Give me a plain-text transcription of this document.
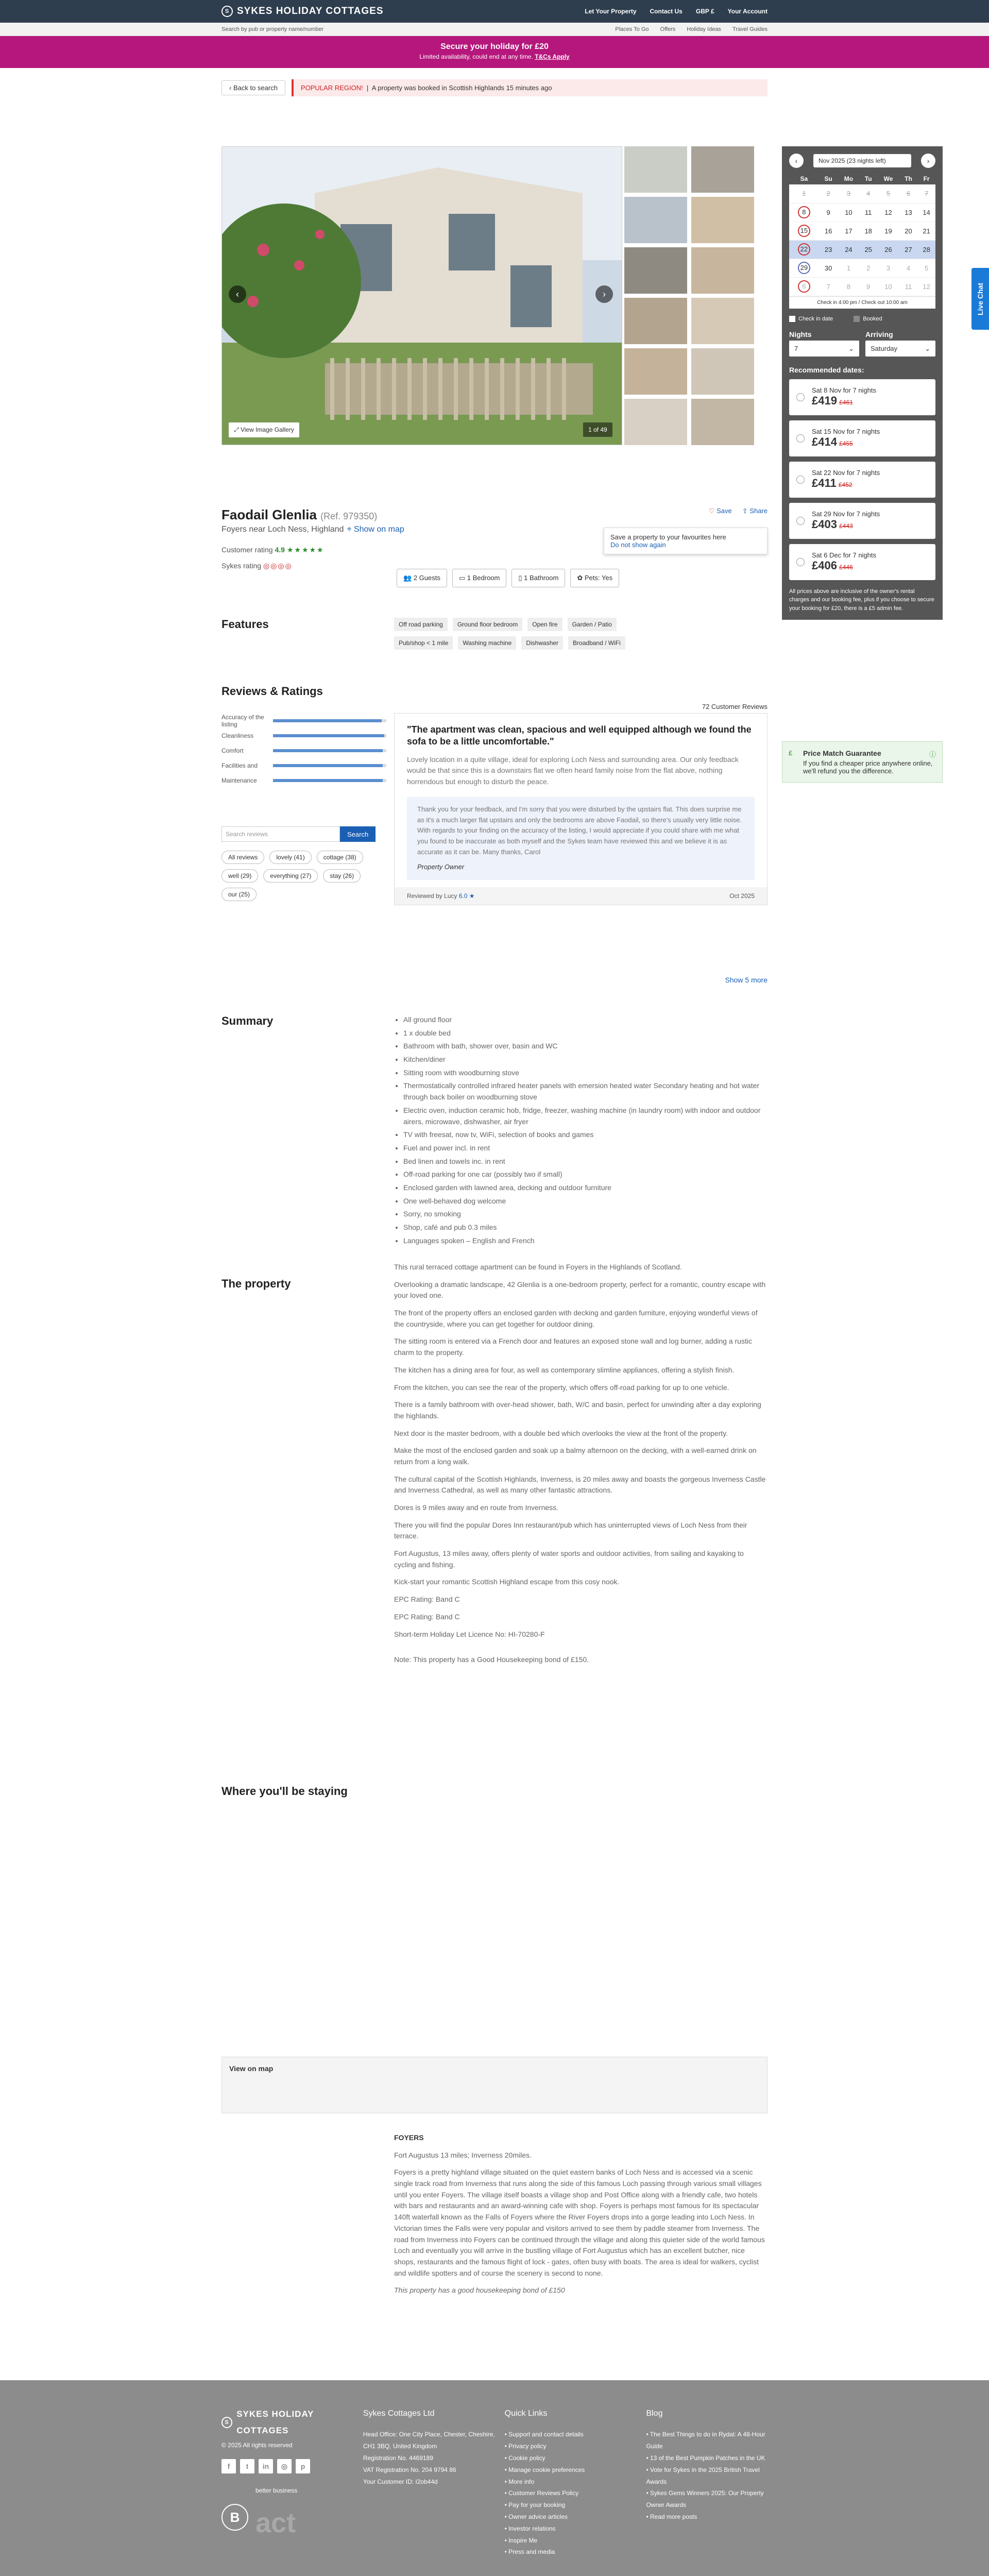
S SYKES HOLIDAY COTTAGES	Let Your Property Contact Us GBP £ Your Account
Search by pub or property name/number	Places To Go Offers Holiday Ideas Travel Guides
Secure your holiday for £20
Limited availability, could end at any time. T&Cs Apply
‹ Back to search	POPULAR REGION!  |  A property was booked in Scottish Highlands 15 minutes ago
‹	›
⤢ View Image Gallery	1 of 49
‹	Nov 2025 (23 nights left)	›
Sa	Su	Mo	Tu	We	Th	Fr
1	2	3	4	5	6	7
8	9	10	11	12	13	14
15	16	17	18	19	20	21
22	23	24	25	26	27	28
29	30	1	2	3	4	5
6	7	8	9	10	11	12
Check in 4:00 pm / Check out 10:00 am
Check in date	Booked
Nights
7	⌄
Arriving
Saturday	⌄
Recommended dates:
Sat 8 Nov for 7 nights
£419 £461
Sat 15 Nov for 7 nights
£414 £455
Sat 22 Nov for 7 nights
£411 £452
Sat 29 Nov for 7 nights
£403 £443
Sat 6 Dec for 7 nights
£406 £446
All prices above are inclusive of the owner's rental charges and our booking fee, plus if you choose to secure your booking for £20, there is a £5 admin fee.
£	ⓘ
Price Match Guarantee
If you find a cheaper price anywhere online, we'll refund you the difference.
Faodail Glenlia (Ref. 979350)
Foyers near Loch Ness, Highland ⌖ Show on map
♡ Save ⇪ Share
Save a property to your favourites here
Do not show again
Customer rating 4.9 ★★★★★
Sykes rating ◎◎◎◎
👥 2 Guests	▭ 1 Bedroom	▯ 1 Bathroom	✿ Pets: Yes
Features	Off road parking	Ground floor bedroom	Open fire	Garden / Patio
Pub/shop < 1 mile	Washing machine	Dishwasher	Broadband / WiFi
Reviews & Ratings
72 Customer Reviews
Accuracy of the listing
Cleanliness
Comfort
Facilities and
Maintenance
Search reviews	Search
All reviews	lovely (41)	cottage (38)
well (29)	everything (27)	stay (26)
our (25)
"The apartment was clean, spacious and well equipped although we found the sofa to be a little uncomfortable."
Lovely location in a quite village, ideal for exploring Loch Ness and surrounding area. Our only feedback would be that since this is a downstairs flat we often heard family noise from the flat above, nothing horrendous but enough to disturb the peace.
Thank you for your feedback, and I'm sorry that you were disturbed by the upstairs flat. This does surprise me as it's a much larger flat upstairs and only the bedrooms are above Faodail, so there's usually very little noise. With regards to your finding on the accuracy of the listing, I would appreciate if you could share with me what you found to be inaccurate as both myself and the Sykes team have reviewed this and we believe it is as accurate as it can be. Many thanks, Carol
Property Owner
Reviewed by Lucy 6.0 ★	Oct 2025
Show 5 more
Summary	• All ground floor
• 1 x double bed
• Bathroom with bath, shower over, basin and WC
• Kitchen/diner
• Sitting room with woodburning stove
• Thermostatically controlled infrared heater panels with emersion heated water Secondary heating and hot water through back boiler on woodburning stove
• Electric oven, induction ceramic hob, fridge, freezer, washing machine (in laundry room) with indoor and outdoor airers, microwave, dishwasher, air fryer
• TV with freesat, now tv, WiFi, selection of books and games
• Fuel and power incl. in rent
• Bed linen and towels inc. in rent
• Off-road parking for one car (possibly two if small)
• Enclosed garden with lawned area, decking and outdoor furniture
• One well-behaved dog welcome
• Sorry, no smoking
• Shop, café and pub 0.3 miles
• Languages spoken – English and French
The property

This rural terraced cottage apartment can be found in Foyers in the Highlands of Scotland.

Overlooking a dramatic landscape, 42 Glenlia is a one-bedroom property, perfect for a romantic, country escape with your loved one.

The front of the property offers an enclosed garden with decking and garden furniture, enjoying wonderful views of the countryside, where you can get together for outdoor dining.

The sitting room is entered via a French door and features an exposed stone wall and log burner, adding a rustic charm to the property.

The kitchen has a dining area for four, as well as contemporary slimline appliances, offering a stylish finish.

From the kitchen, you can see the rear of the property, which offers off-road parking for up to one vehicle.

There is a family bathroom with over-head shower, bath, W/C and basin, perfect for unwinding after a day exploring the highlands.

Next door is the master bedroom, with a double bed which overlooks the view at the front of the property.

Make the most of the enclosed garden and soak up a balmy afternoon on the decking, with a well-earned drink on return from a long walk.

The cultural capital of the Scottish Highlands, Inverness, is 20 miles away and boasts the gorgeous Inverness Castle and Inverness Cathedral, as well as many other fantastic attractions.

Dores is 9 miles away and en route from Inverness.

There you will find the popular Dores Inn restaurant/pub which has uninterrupted views of Loch Ness from their terrace.

Fort Augustus, 13 miles away, offers plenty of water sports and outdoor activities, from sailing and kayaking to cycling and fishing.

Kick-start your romantic Scottish Highland escape from this cosy nook.

EPC Rating: Band C

EPC Rating: Band C

Short-term Holiday Let Licence No: HI-70280-F

Note: This property has a Good Housekeeping bond of £150.

Where you'll be staying
View on map

FOYERS

Fort Augustus 13 miles; Inverness 20miles.

Foyers is a pretty highland village situated on the quiet eastern banks of Loch Ness and is accessed via a scenic single track road from Inverness that runs along the side of this famous Loch passing through various small villages until you enter Foyers. The village itself boasts a village shop and Post Office along with a friendly cafe, two hotels with bars and restaurants and an award-winning cafe with shop. Foyers is perhaps most famous for its spectacular 140ft waterfall known as the Falls of Foyers where the River Foyers drops into a gorge leading into Loch Ness. In Victorian times the Falls were very popular and visitors arrived to see them by paddle steamer from Inverness. The road from Inverness into Foyers can be continued through the village and along this quieter side of the world famous Loch and eventually you will arrive in the bustling village of Fort Augustus which has an excellent butcher, nice shops, restaurants and the famous flight of lock - gates, often busy with boats. The area is ideal for walkers, cyclist and wildlife spotters and of course the scenery is second to none.

This property has a good housekeeping bond of £150

S
SYKES HOLIDAY COTTAGES
© 2025 All rights reserved
f	t	in	◎	p
B
better business
act
Sykes Cottages Ltd
Head Office: One City Place, Chester, Cheshire, CH1 3BQ, United Kingdom
Registration No. 4469189
VAT Registration No. 204 9794 86
Your Customer ID: I2ob44d
Quick Links
• Support and contact details
• Privacy policy
• Cookie policy
• Manage cookie preferences
• More info
• Customer Reviews Policy
• Pay for your booking
• Owner advice articles
• Investor relations
• Inspire Me
• Press and media
Blog
• The Best Things to do in Rydal: A 48-Hour Guide
• 13 of the Best Pumpkin Patches in the UK
• Vote for Sykes in the 2025 British Travel Awards
• Sykes Gems Winners 2025: Our Property Owner Awards
• Read more posts

Live Chat
